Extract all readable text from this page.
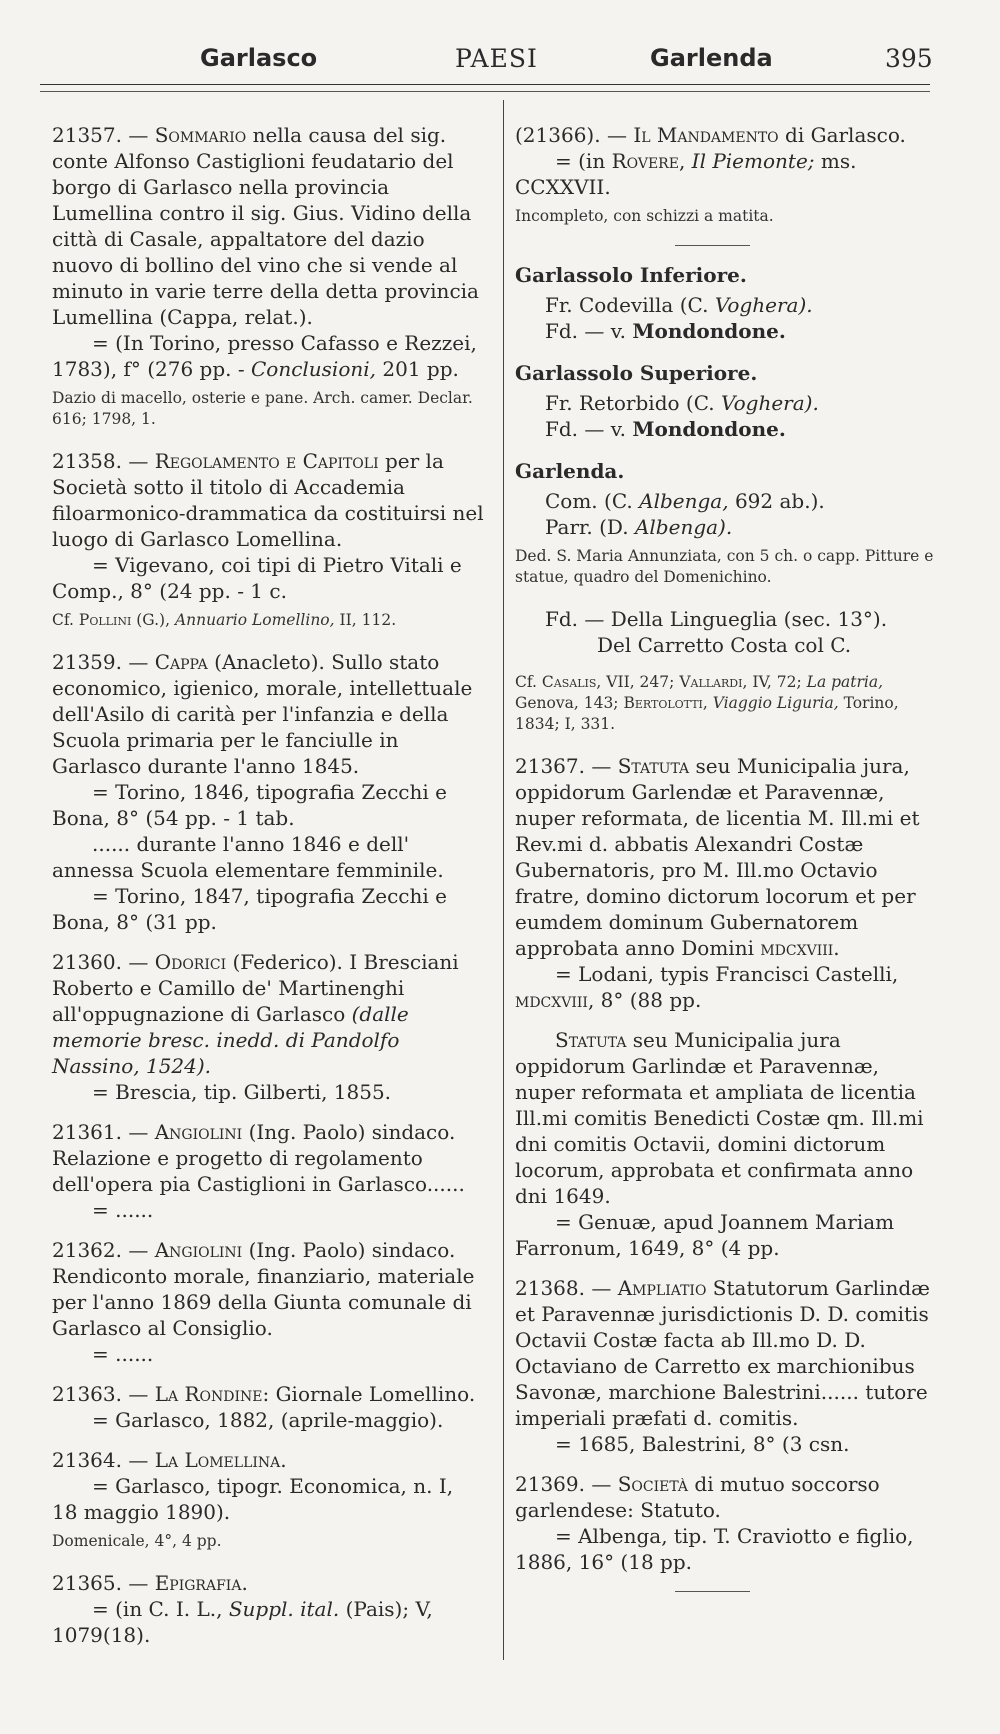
Garlasco	PAESI	Garlenda	395

21357. — Sommario nella causa del sig. conte Alfonso Castiglioni feudatario del borgo di Garlasco nella provincia Lumellina contro il sig. Gius. Vidino della città di Casale, appaltatore del dazio nuovo di bollino del vino che si vende al minuto in varie terre della detta provincia Lumellina (Cappa, relat.).

= (In Torino, presso Cafasso e Rezzei, 1783), f° (276 pp. - Conclusioni, 201 pp.

Dazio di macello, osterie e pane. Arch. camer. Declar. 616; 1798, 1.

21358. — Regolamento e Capitoli per la Società sotto il titolo di Accademia filoarmonico-drammatica da costituirsi nel luogo di Garlasco Lomellina.

= Vigevano, coi tipi di Pietro Vitali e Comp., 8° (24 pp. - 1 c.

Cf. Pollini (G.), Annuario Lomellino, II, 112.

21359. — Cappa (Anacleto). Sullo stato economico, igienico, morale, intellettuale dell'Asilo di carità per l'infanzia e della Scuola primaria per le fanciulle in Garlasco durante l'anno 1845.

= Torino, 1846, tipografia Zecchi e Bona, 8° (54 pp. - 1 tab.

...... durante l'anno 1846 e dell' annessa Scuola elementare femminile.

= Torino, 1847, tipografia Zecchi e Bona, 8° (31 pp.

21360. — Odorici (Federico). I Bresciani Roberto e Camillo de' Martinenghi all'oppugnazione di Garlasco (dalle memorie bresc. inedd. di Pandolfo Nassino, 1524).

= Brescia, tip. Gilberti, 1855.

21361. — Angiolini (Ing. Paolo) sindaco. Relazione e progetto di regolamento dell'opera pia Castiglioni in Garlasco......

= ......

21362. — Angiolini (Ing. Paolo) sindaco. Rendiconto morale, finanziario, materiale per l'anno 1869 della Giunta comunale di Garlasco al Consiglio.

= ......

21363. — La Rondine: Giornale Lomellino.

= Garlasco, 1882, (aprile-maggio).

21364. — La Lomellina.

= Garlasco, tipogr. Economica, n. I, 18 maggio 1890).

Domenicale, 4°, 4 pp.

21365. — Epigrafia.

= (in C. I. L., Suppl. ital. (Pais); V, 1079(18).

(21366). — Il Mandamento di Garlasco.

= (in Rovere, Il Piemonte; ms. CCXXVII.

Incompleto, con schizzi a matita.
Garlassolo Inferiore.

Fr. Codevilla (C. Voghera).

Fd. — v. Mondondone.

Garlassolo Superiore.

Fr. Retorbido (C. Voghera).

Fd. — v. Mondondone.

Garlenda.

Com. (C. Albenga, 692 ab.).

Parr. (D. Albenga).

Ded. S. Maria Annunziata, con 5 ch. o capp. Pitture e statue, quadro del Domenichino.

Fd. — Della Lingueglia (sec. 13°).

Del Carretto Costa col C.

Cf. Casalis, VII, 247; Vallardi, IV, 72; La patria, Genova, 143; Bertolotti, Viaggio Liguria, Torino, 1834; I, 331.

21367. — Statuta seu Municipalia jura, oppidorum Garlendæ et Paravennæ, nuper reformata, de licentia M. Ill.mi et Rev.mi d. abbatis Alexandri Costæ Gubernatoris, pro M. Ill.mo Octavio fratre, domino dictorum locorum et per eumdem dominum Gubernatorem approbata anno Domini mdcxviii.

= Lodani, typis Francisci Castelli, mdcxviii, 8° (88 pp.

Statuta seu Municipalia jura oppidorum Garlindæ et Paravennæ, nuper reformata et ampliata de licentia Ill.mi comitis Benedicti Costæ qm. Ill.mi dni comitis Octavii, domini dictorum locorum, approbata et confirmata anno dni 1649.

= Genuæ, apud Joannem Mariam Farronum, 1649, 8° (4 pp.

21368. — Ampliatio Statutorum Garlindæ et Paravennæ jurisdictionis D. D. comitis Octavii Costæ facta ab Ill.mo D. D. Octaviano de Carretto ex marchionibus Savonæ, marchione Balestrini...... tutore imperiali præfati d. comitis.

= 1685, Balestrini, 8° (3 csn.

21369. — Società di mutuo soccorso garlendese: Statuto.

= Albenga, tip. T. Craviotto e figlio, 1886, 16° (18 pp.
